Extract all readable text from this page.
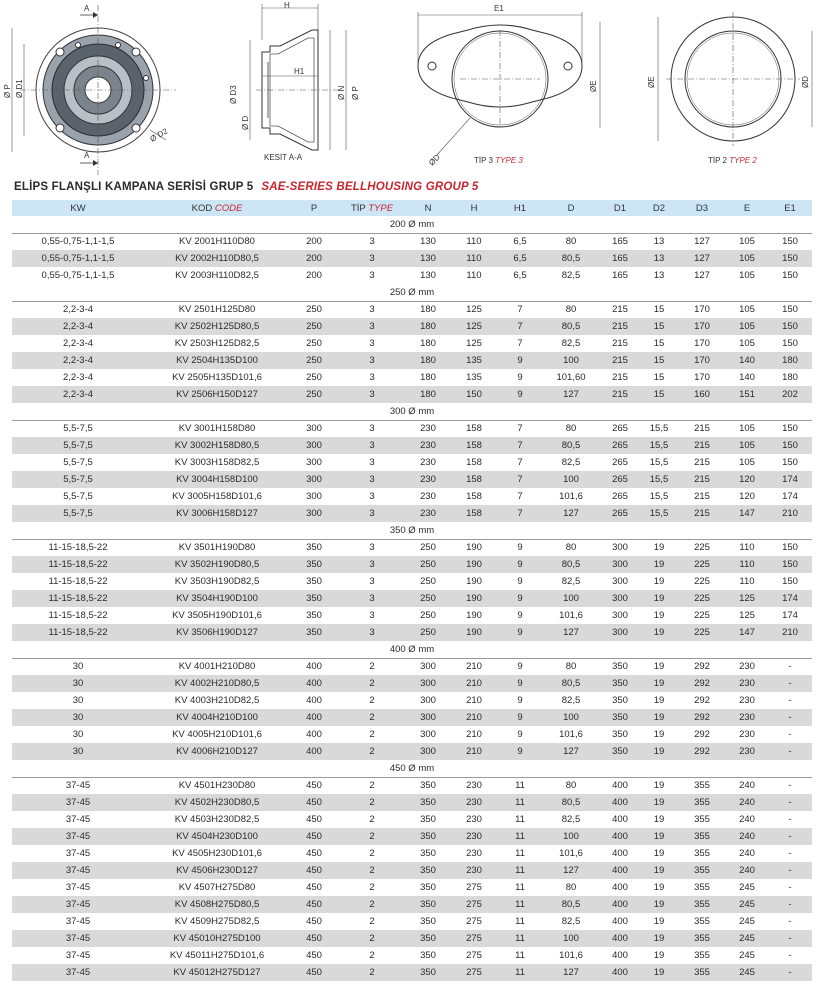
A
A
Ø P Ø D1
Ø D2
H
H1
Ø D3
Ø D
Ø N Ø P
KESİT A-A
E1
ØE
ØD
ØE	ØD
TİP 3 TYPE 3	TİP 2 TYPE 2
ELİPS FLANŞLI KAMPANA SERİSİ GRUP 5 SAE-SERIES BELLHOUSING GROUP 5
KW	KOD CODE	P	TİP TYPE	N	H	H1	D	D1	D2	D3	E	E1
200 Ø mm												
0,55-0,75-1,1-1,5	KV 2001H110D80	200	3	130	110	6,5	80	165	13	127	105	150
0,55-0,75-1,1-1,5	KV 2002H110D80,5	200	3	130	110	6,5	80,5	165	13	127	105	150
0,55-0,75-1,1-1,5	KV 2003H110D82,5	200	3	130	110	6,5	82,5	165	13	127	105	150
250 Ø mm												
2,2-3-4	KV 2501H125D80	250	3	180	125	7	80	215	15	170	105	150
2,2-3-4	KV 2502H125D80,5	250	3	180	125	7	80,5	215	15	170	105	150
2,2-3-4	KV 2503H125D82,5	250	3	180	125	7	82,5	215	15	170	105	150
2,2-3-4	KV 2504H135D100	250	3	180	135	9	100	215	15	170	140	180
2,2-3-4	KV 2505H135D101,6	250	3	180	135	9	101,60	215	15	170	140	180
2,2-3-4	KV 2506H150D127	250	3	180	150	9	127	215	15	160	151	202
300 Ø mm												
5,5-7,5	KV 3001H158D80	300	3	230	158	7	80	265	15,5	215	105	150
5,5-7,5	KV 3002H158D80,5	300	3	230	158	7	80,5	265	15,5	215	105	150
5,5-7,5	KV 3003H158D82,5	300	3	230	158	7	82,5	265	15,5	215	105	150
5,5-7,5	KV 3004H158D100	300	3	230	158	7	100	265	15,5	215	120	174
5,5-7,5	KV 3005H158D101,6	300	3	230	158	7	101,6	265	15,5	215	120	174
5,5-7,5	KV 3006H158D127	300	3	230	158	7	127	265	15,5	215	147	210
350 Ø mm												
11-15-18,5-22	KV 3501H190D80	350	3	250	190	9	80	300	19	225	110	150
11-15-18,5-22	KV 3502H190D80,5	350	3	250	190	9	80,5	300	19	225	110	150
11-15-18,5-22	KV 3503H190D82,5	350	3	250	190	9	82,5	300	19	225	110	150
11-15-18,5-22	KV 3504H190D100	350	3	250	190	9	100	300	19	225	125	174
11-15-18,5-22	KV 3505H190D101,6	350	3	250	190	9	101,6	300	19	225	125	174
11-15-18,5-22	KV 3506H190D127	350	3	250	190	9	127	300	19	225	147	210
400 Ø mm												
30	KV 4001H210D80	400	2	300	210	9	80	350	19	292	230	-
30	KV 4002H210D80,5	400	2	300	210	9	80,5	350	19	292	230	-
30	KV 4003H210D82,5	400	2	300	210	9	82,5	350	19	292	230	-
30	KV 4004H210D100	400	2	300	210	9	100	350	19	292	230	-
30	KV 4005H210D101,6	400	2	300	210	9	101,6	350	19	292	230	-
30	KV 4006H210D127	400	2	300	210	9	127	350	19	292	230	-
450 Ø mm												
37-45	KV 4501H230D80	450	2	350	230	11	80	400	19	355	240	-
37-45	KV 4502H230D80,5	450	2	350	230	11	80,5	400	19	355	240	-
37-45	KV 4503H230D82,5	450	2	350	230	11	82,5	400	19	355	240	-
37-45	KV 4504H230D100	450	2	350	230	11	100	400	19	355	240	-
37-45	KV 4505H230D101,6	450	2	350	230	11	101,6	400	19	355	240	-
37-45	KV 4506H230D127	450	2	350	230	11	127	400	19	355	240	-
37-45	KV 4507H275D80	450	2	350	275	11	80	400	19	355	245	-
37-45	KV 4508H275D80,5	450	2	350	275	11	80,5	400	19	355	245	-
37-45	KV 4509H275D82,5	450	2	350	275	11	82,5	400	19	355	245	-
37-45	KV 45010H275D100	450	2	350	275	11	100	400	19	355	245	-
37-45	KV 45011H275D101,6	450	2	350	275	11	101,6	400	19	355	245	-
37-45	KV 45012H275D127	450	2	350	275	11	127	400	19	355	245	-
